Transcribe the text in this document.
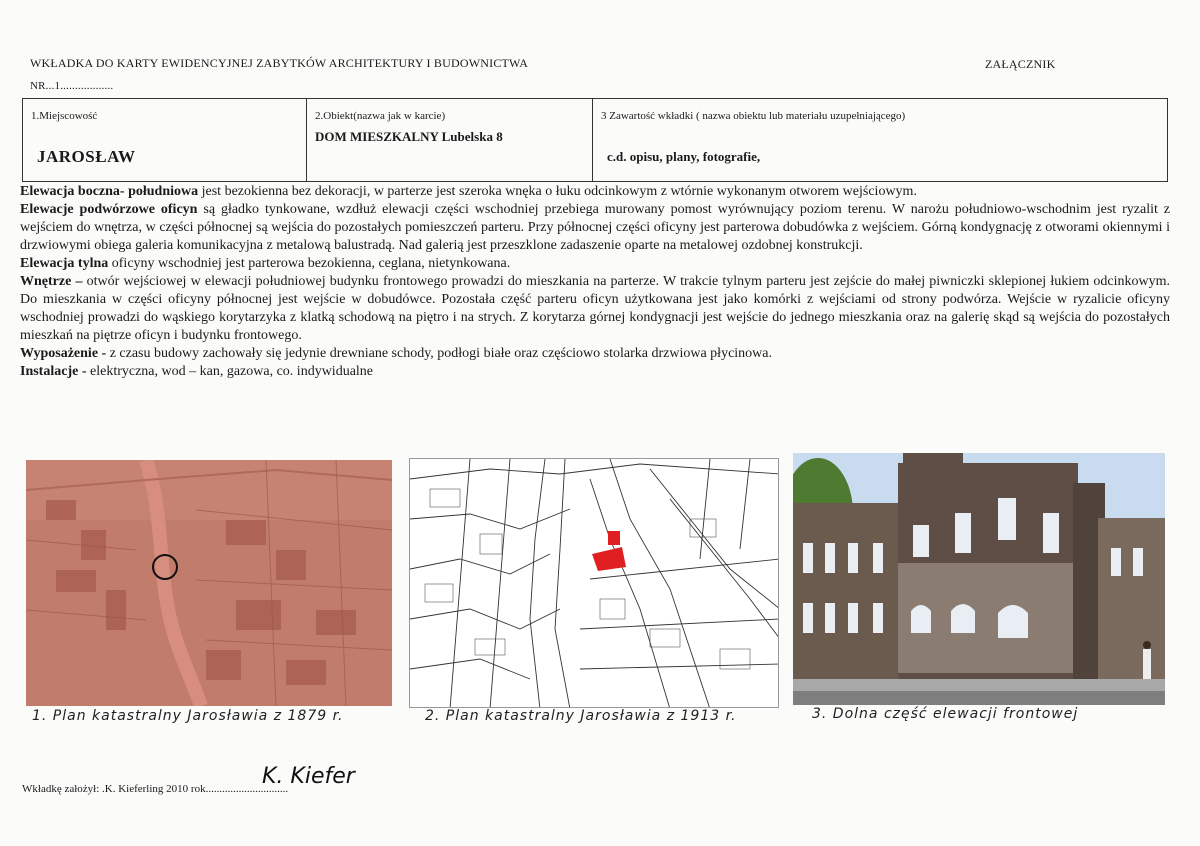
WKŁADKA DO KARTY EWIDENCYJNEJ ZABYTKÓW ARCHITEKTURY I BUDOWNICTWA
NR...1..................
ZAŁĄCZNIK
1.Miejscowość
JAROSŁAW
2.Obiekt(nazwa jak w karcie)
DOM MIESZKALNY Lubelska 8
3 Zawartość wkładki ( nazwa obiektu lub materiału uzupełniającego)
c.d. opisu, plany, fotografie,

Elewacja boczna- południowa jest bezokienna bez dekoracji, w parterze jest szeroka wnęka o łuku odcinkowym z wtórnie wykonanym otworem wejściowym.

Elewacje podwórzowe oficyn są gładko tynkowane, wzdłuż elewacji części wschodniej przebiega murowany pomost wyrównujący poziom terenu. W narożu południowo-wschodnim jest ryzalit z wejściem do wnętrza, w części północnej są wejścia do pozostałych pomieszczeń parteru. Przy północnej części oficyny jest parterowa dobudówka z wejściem. Górną kondygnację z otworami okiennymi i drzwiowymi obiega galeria komunikacyjna z metalową balustradą. Nad galerią jest przeszklone zadaszenie oparte na metalowej ozdobnej konstrukcji.

Elewacja tylna oficyny wschodniej jest parterowa bezokienna, ceglana, nietynkowana.

Wnętrze – otwór wejściowej w elewacji południowej budynku frontowego prowadzi do mieszkania na parterze. W trakcie tylnym parteru jest zejście do małej piwniczki sklepionej łukiem odcinkowym. Do mieszkania w części oficyny północnej jest wejście w dobudówce. Pozostała część parteru oficyn użytkowana jest jako komórki z wejściami od strony podwórza. Wejście w ryzalicie oficyny wschodniej prowadzi do wąskiego korytarzyka z klatką schodową na piętro i na strych. Z korytarza górnej kondygnacji jest wejście do jednego mieszkania oraz na galerię skąd są wejścia do pozostałych mieszkań na piętrze oficyn i budynku frontowego.

Wyposażenie - z czasu budowy zachowały się jedynie drewniane schody, podłogi białe oraz częściowo stolarka drzwiowa płycinowa.

Instalacje - elektryczna, wod – kan, gazowa, co. indywidualne

1. Plan katastralny Jarosławia z 1879 r.	2. Plan katastralny Jarosławia z 1913 r.	3. Dolna część elewacji frontowej
Wkładkę założył: .K. Kieferling 2010 rok..............................
K. Kiefer
